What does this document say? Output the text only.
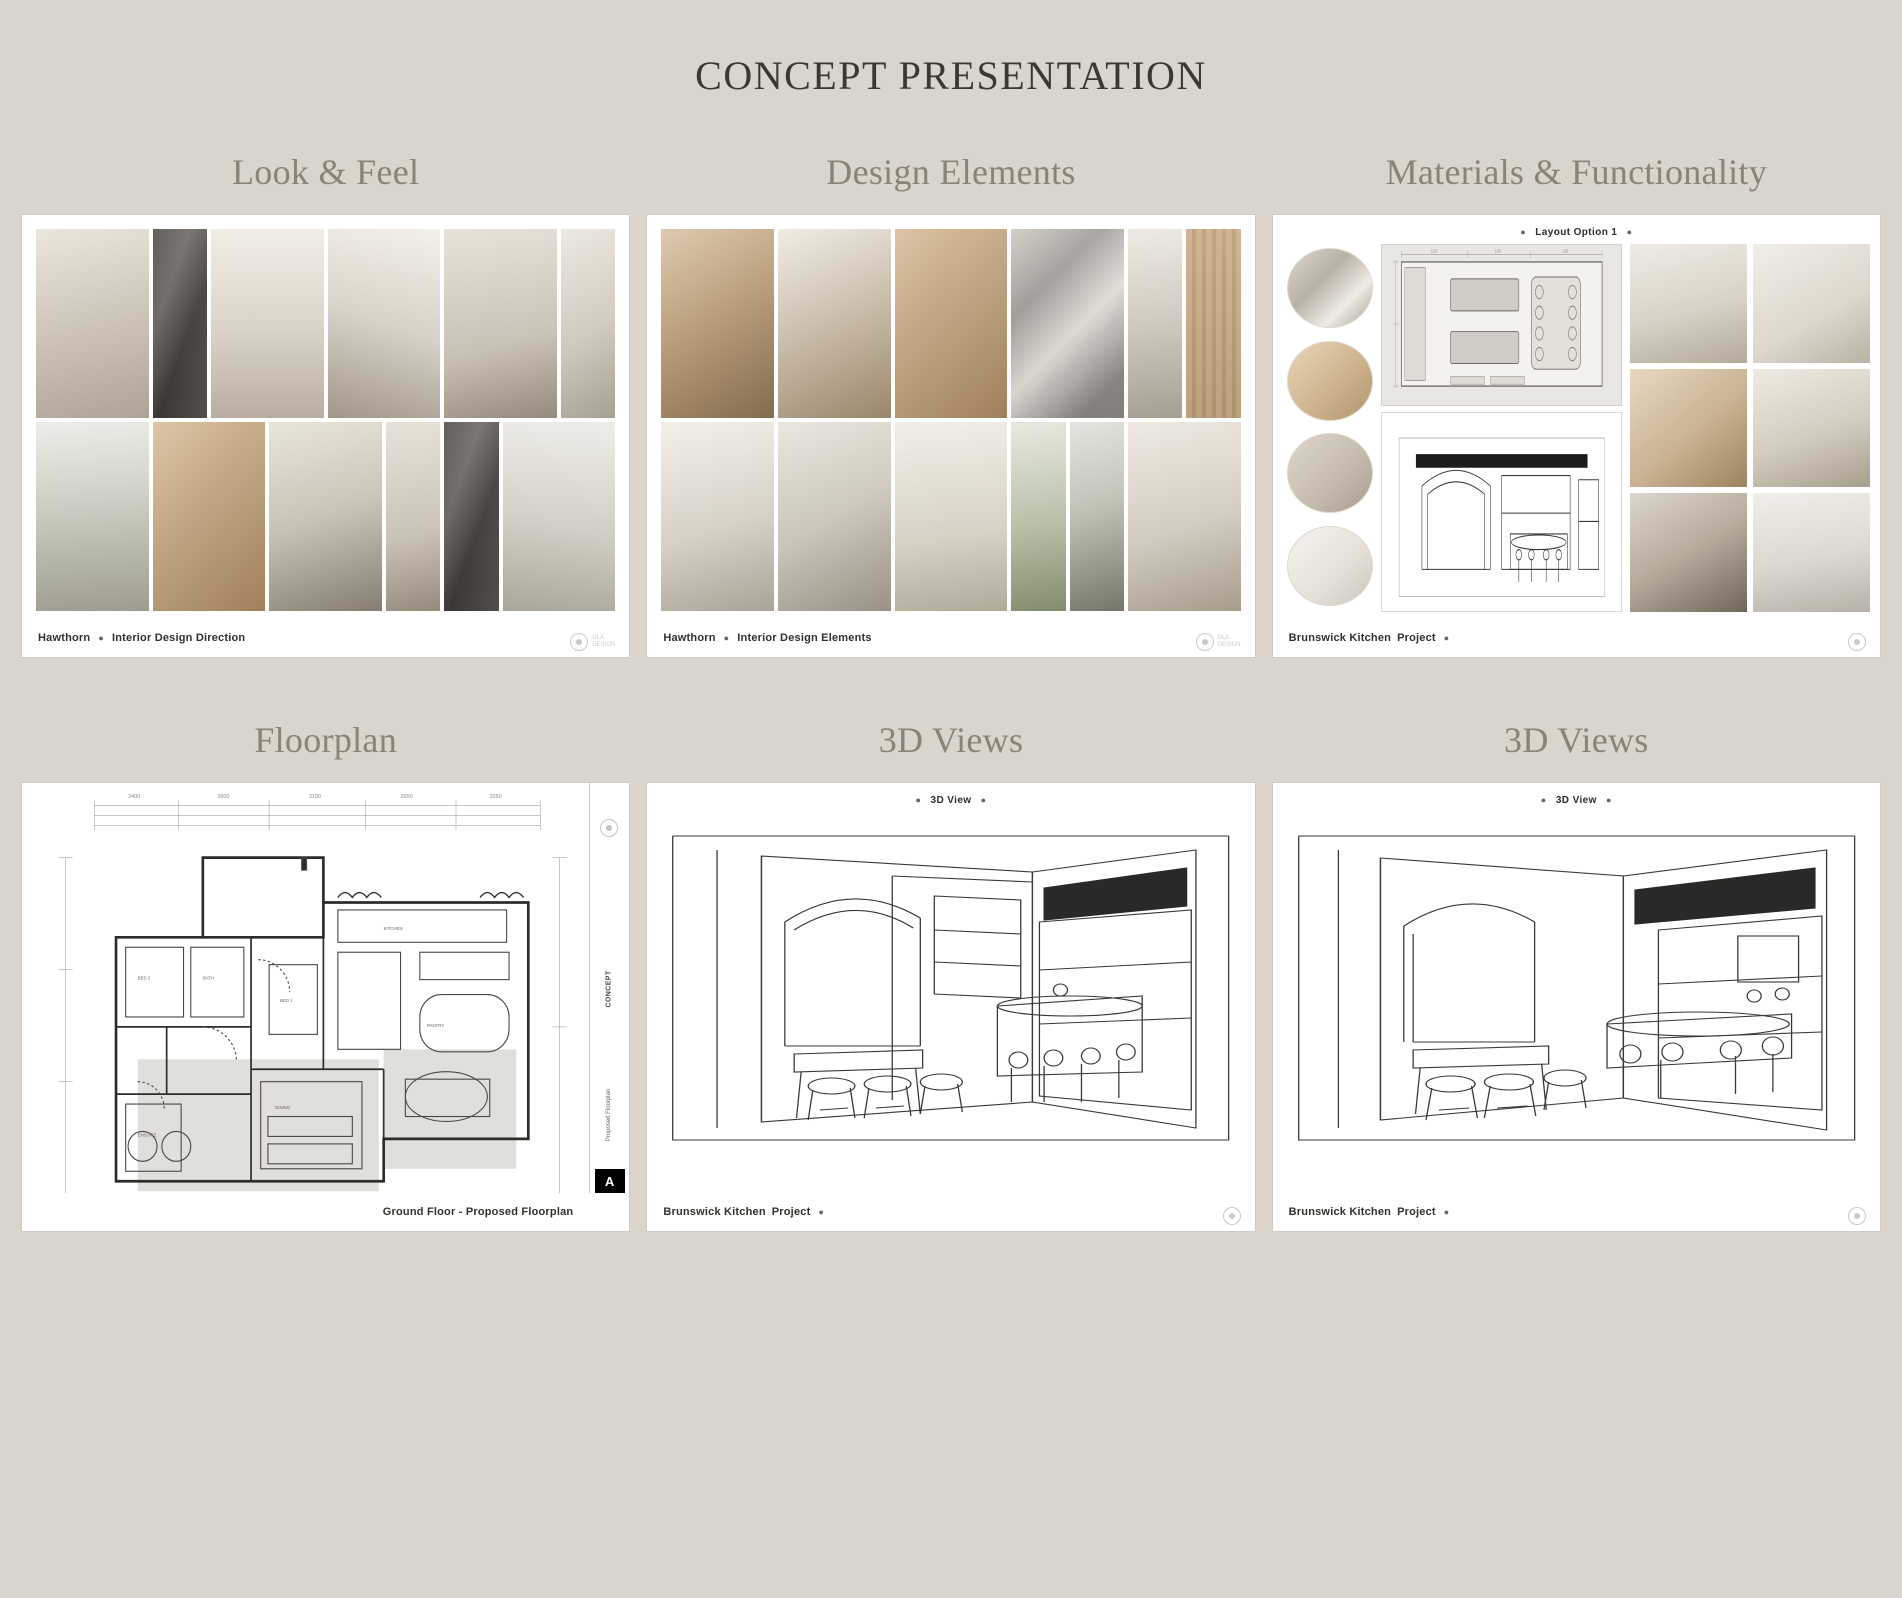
CONCEPT PRESENTATION
Look & Feel
Hawthorn ● Interior Design Direction	DLA
DESIGN
Design Elements
Hawthorn ● Interior Design Elements	DLA
DESIGN
Materials & Functionality
● Layout Option 1 ●
1200	1450	1180
Brunswick Kitchen Project ●
Floorplan
3400	2800	3100	2650	3250
BED 2	BATH
ENSUITE
DINING
KITCHEN
PANTRY
BED 1	CONCEPT
Proposed Floorplan
A
Ground Floor - Proposed Floorplan
3D Views
● 3D View ●
Brunswick Kitchen Project ●
3D Views
● 3D View ●
Brunswick Kitchen Project ●
